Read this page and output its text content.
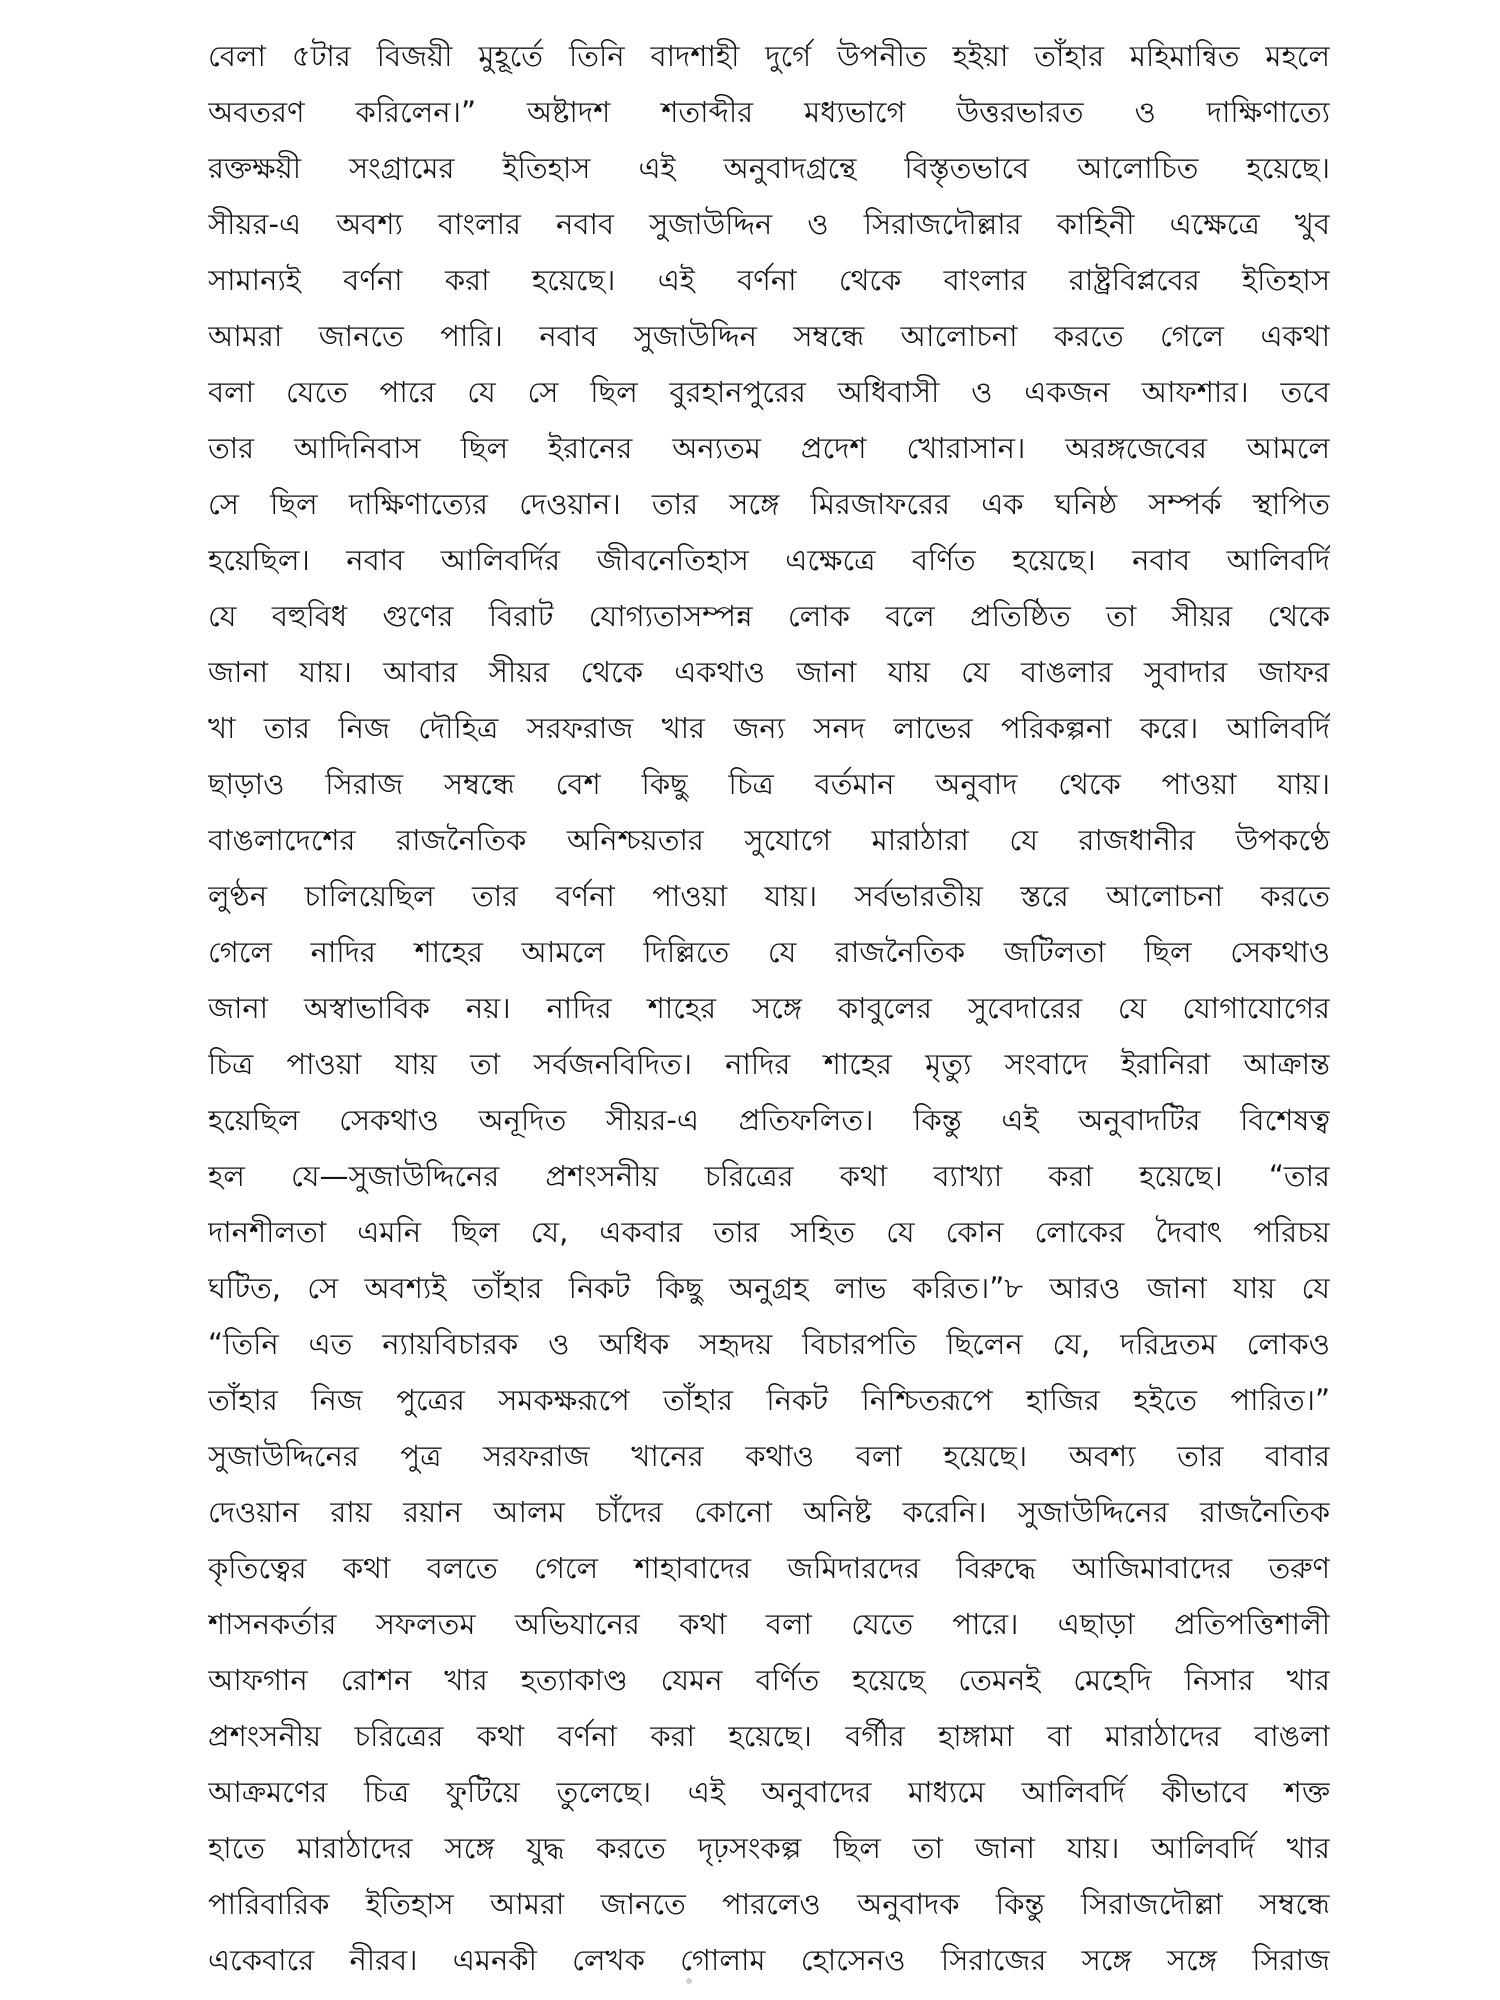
বেলা ৫টার বিজয়ী মুহূর্তে তিনি বাদশাহী দুর্গে উপনীত হইয়া তাঁহার মহিমান্বিত মহলে
অবতরণ করিলেন।” অষ্টাদশ শতাব্দীর মধ্যভাগে উত্তরভারত ও দাক্ষিণাত্যে
রক্তক্ষয়ী সংগ্রামের ইতিহাস এই অনুবাদগ্রন্থে বিস্তৃতভাবে আলোচিত হয়েছে।
সীয়র-এ অবশ্য বাংলার নবাব সুজাউদ্দিন ও সিরাজদৌল্লার কাহিনী এক্ষেত্রে খুব
সামান্যই বর্ণনা করা হয়েছে। এই বর্ণনা থেকে বাংলার রাষ্ট্রবিপ্লবের ইতিহাস
আমরা জানতে পারি। নবাব সুজাউদ্দিন সম্বন্ধে আলোচনা করতে গেলে একথা
বলা যেতে পারে যে সে ছিল বুরহানপুরের অধিবাসী ও একজন আফশার। তবে
তার আদিনিবাস ছিল ইরানের অন্যতম প্রদেশ খোরাসান। অরঙ্গজেবের আমলে
সে ছিল দাক্ষিণাত্যের দেওয়ান। তার সঙ্গে মিরজাফরের এক ঘনিষ্ঠ সম্পর্ক স্থাপিত
হয়েছিল। নবাব আলিবর্দির জীবনেতিহাস এক্ষেত্রে বর্ণিত হয়েছে। নবাব আলিবর্দি
যে বহুবিধ গুণের বিরাট যোগ্যতাসম্পন্ন লোক বলে প্রতিষ্ঠিত তা সীয়র থেকে
জানা যায়। আবার সীয়র থেকে একথাও জানা যায় যে বাঙলার সুবাদার জাফর
খা তার নিজ দৌহিত্র সরফরাজ খার জন্য সনদ লাভের পরিকল্পনা করে। আলিবর্দি
ছাড়াও সিরাজ সম্বন্ধে বেশ কিছু চিত্র বর্তমান অনুবাদ থেকে পাওয়া যায়।
বাঙলাদেশের রাজনৈতিক অনিশ্চয়তার সুযোগে মারাঠারা যে রাজধানীর উপকণ্ঠে
লুণ্ঠন চালিয়েছিল তার বর্ণনা পাওয়া যায়। সর্বভারতীয় স্তরে আলোচনা করতে
গেলে নাদির শাহের আমলে দিল্লিতে যে রাজনৈতিক জটিলতা ছিল সেকথাও
জানা অস্বাভাবিক নয়। নাদির শাহের সঙ্গে কাবুলের সুবেদারের যে যোগাযোগের
চিত্র পাওয়া যায় তা সর্বজনবিদিত। নাদির শাহের মৃত্যু সংবাদে ইরানিরা আক্রান্ত
হয়েছিল সেকথাও অনূদিত সীয়র-এ প্রতিফলিত। কিন্তু এই অনুবাদটির বিশেষত্ব
হল যে—সুজাউদ্দিনের প্রশংসনীয় চরিত্রের কথা ব্যাখ্যা করা হয়েছে। “তার
দানশীলতা এমনি ছিল যে, একবার তার সহিত যে কোন লোকের দৈবাৎ পরিচয়
ঘটিত, সে অবশ্যই তাঁহার নিকট কিছু অনুগ্রহ লাভ করিত।”৮ আরও জানা যায় যে
“তিনি এত ন্যায়বিচারক ও অধিক সহৃদয় বিচারপতি ছিলেন যে, দরিদ্রতম লোকও
তাঁহার নিজ পুত্রের সমকক্ষরূপে তাঁহার নিকট নিশ্চিতরূপে হাজির হইতে পারিত।”
সুজাউদ্দিনের পুত্র সরফরাজ খানের কথাও বলা হয়েছে। অবশ্য তার বাবার
দেওয়ান রায় রয়ান আলম চাঁদের কোনো অনিষ্ট করেনি। সুজাউদ্দিনের রাজনৈতিক
কৃতিত্বের কথা বলতে গেলে শাহাবাদের জমিদারদের বিরুদ্ধে আজিমাবাদের তরুণ
শাসনকর্তার সফলতম অভিযানের কথা বলা যেতে পারে। এছাড়া প্রতিপত্তিশালী
আফগান রোশন খার হত্যাকাণ্ড যেমন বর্ণিত হয়েছে তেমনই মেহেদি নিসার খার
প্রশংসনীয় চরিত্রের কথা বর্ণনা করা হয়েছে। বর্গীর হাঙ্গামা বা মারাঠাদের বাঙলা
আক্রমণের চিত্র ফুটিয়ে তুলেছে। এই অনুবাদের মাধ্যমে আলিবর্দি কীভাবে শক্ত
হাতে মারাঠাদের সঙ্গে যুদ্ধ করতে দৃঢ়সংকল্প ছিল তা জানা যায়। আলিবর্দি খার
পারিবারিক ইতিহাস আমরা জানতে পারলেও অনুবাদক কিন্তু সিরাজদৌল্লা সম্বন্ধে
একেবারে নীরব। এমনকী লেখক গোলাম হোসেনও সিরাজের সঙ্গে সঙ্গে সিরাজ
